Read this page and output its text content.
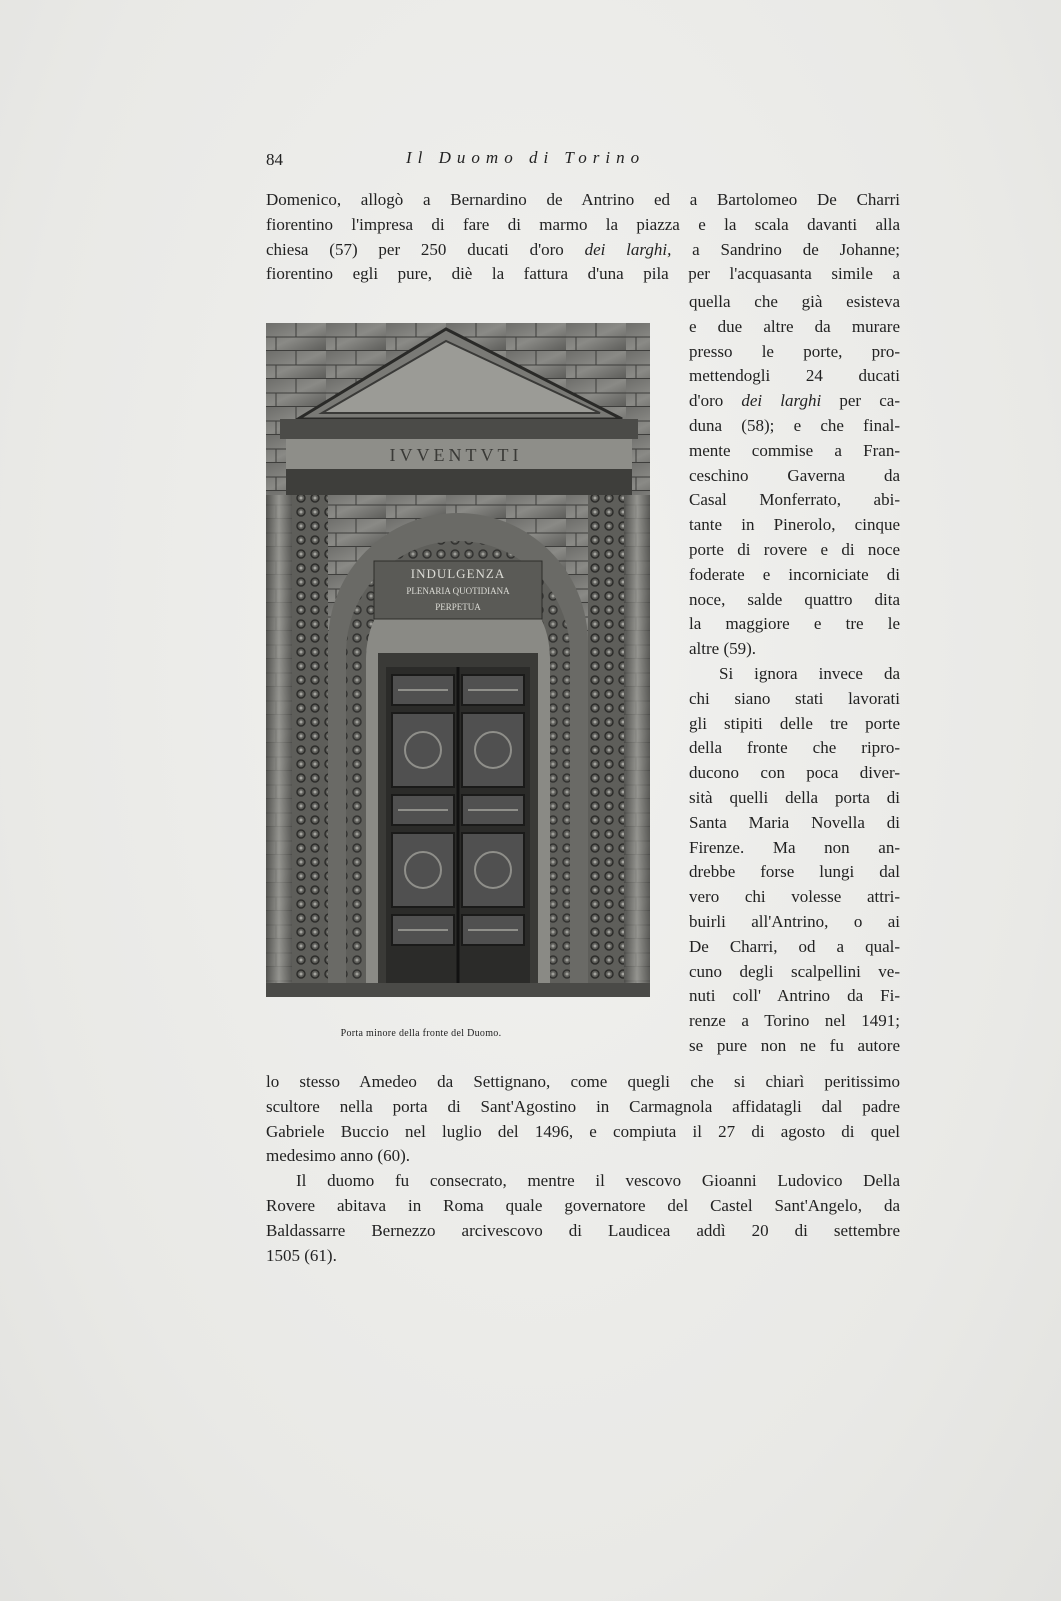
84	Il Duomo di Torino
Domenico, allogò a Bernardino de Antrino ed a Bartolomeo De Charri
fiorentino l'impresa di fare di marmo la piazza e la scala davanti alla
chiesa (57) per 250 ducati d'oro dei larghi, a Sandrino de Johanne;
fiorentino egli pure, diè la fattura d'una pila per l'acquasanta simile a
quella che già esisteva
e due altre da murare
presso le porte, pro-
mettendogli 24 ducati
d'oro dei larghi per ca-
duna (58); e che final-
mente commise a Fran-
ceschino Gaverna da
Casal Monferrato, abi-
tante in Pinerolo, cinque
porte di rovere e di noce
foderate e incorniciate di
noce, salde quattro dita
la maggiore e tre le
altre (59).
Si ignora invece da
chi siano stati lavorati
gli stipiti delle tre porte
della fronte che ripro-
ducono con poca diver-
sità quelli della porta di
Santa Maria Novella di
Firenze. Ma non an-
drebbe forse lungi dal
vero chi volesse attri-
buirli all'Antrino, o ai
De Charri, od a qual-
cuno degli scalpellini ve-
nuti coll' Antrino da Fi-
renze a Torino nel 1491;
se pure non ne fu autore
IVVENTVTI
INDULGENZA
PLENARIA QUOTIDIANA
PERPETUA
Porta minore della fronte del Duomo.
lo stesso Amedeo da Settignano, come quegli che si chiarì peritissimo
scultore nella porta di Sant'Agostino in Carmagnola affidatagli dal padre
Gabriele Buccio nel luglio del 1496, e compiuta il 27 di agosto di quel
medesimo anno (60).
Il duomo fu consecrato, mentre il vescovo Gioanni Ludovico Della
Rovere abitava in Roma quale governatore del Castel Sant'Angelo, da
Baldassarre Bernezzo arcivescovo di Laudicea addì 20 di settembre
1505 (61).
